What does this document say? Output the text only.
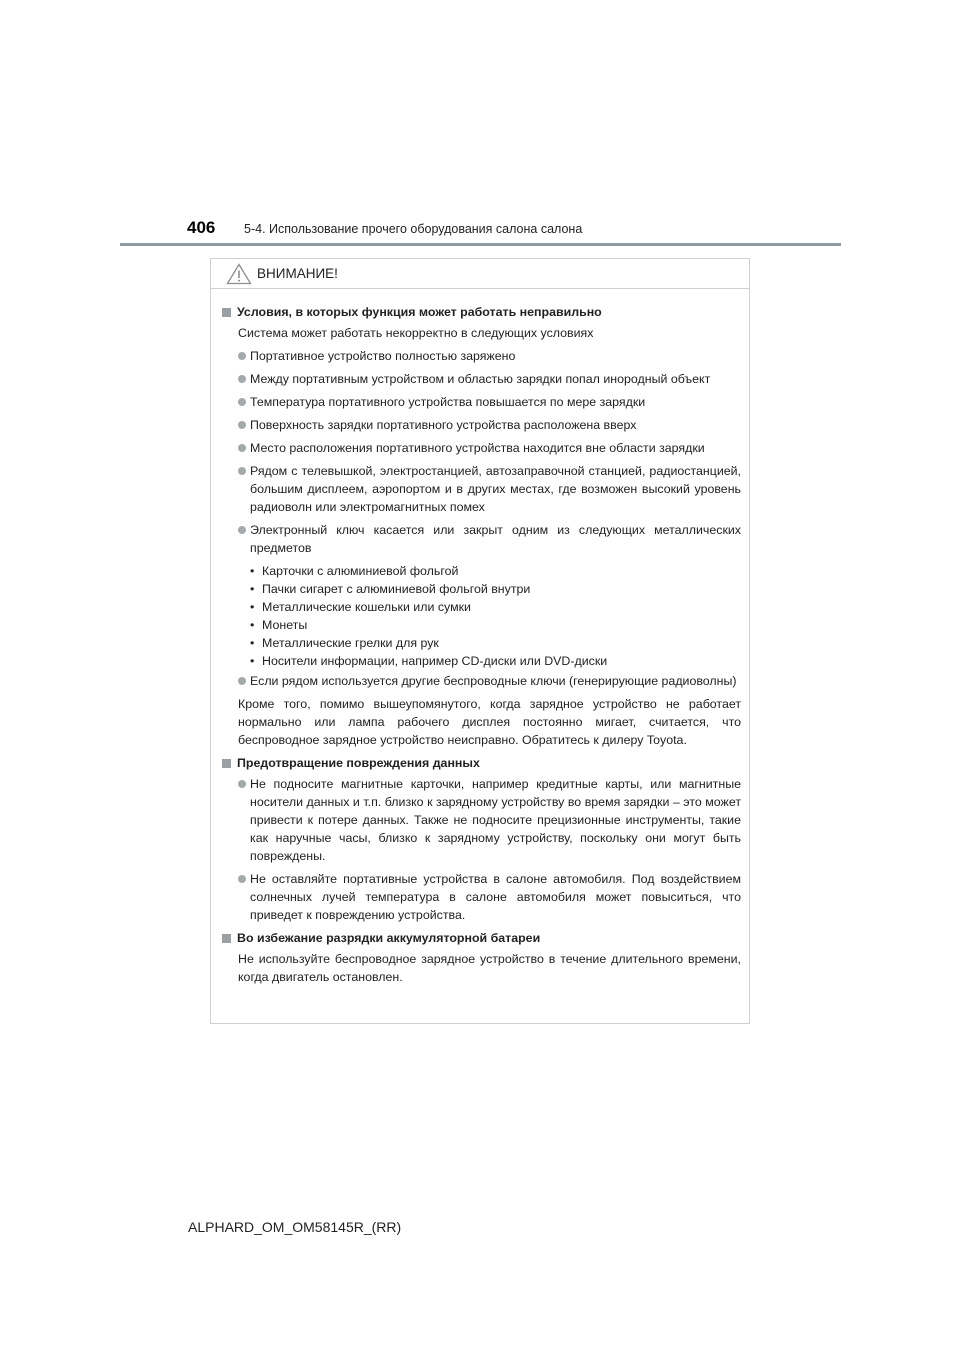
406 5-4. Использование прочего оборудования салона салона
ВНИМАНИЕ!
Условия, в которых функция может работать неправильно
Система может работать некорректно в следующих условиях
Портативное устройство полностью заряжено
Между портативным устройством и областью зарядки попал инородный объект
Температура портативного устройства повышается по мере зарядки
Поверхность зарядки портативного устройства расположена вверх
Место расположения портативного устройства находится вне области зарядки
Рядом с телевышкой, электростанцией, автозаправочной станцией, радиостанцией, большим дисплеем, аэропортом и в других местах, где возможен высокий уровень радиоволн или электромагнитных помех
Электронный ключ касается или закрыт одним из следующих металлических предметов
• Карточки с алюминиевой фольгой
• Пачки сигарет с алюминиевой фольгой внутри
• Металлические кошельки или сумки
• Монеты
• Металлические грелки для рук
• Носители информации, например CD-диски или DVD-диски
Если рядом используется другие беспроводные ключи (генерирующие радиоволны)
Кроме того, помимо вышеупомянутого, когда зарядное устройство не работает нормально или лампа рабочего дисплея постоянно мигает, считается, что беспроводное зарядное устройство неисправно. Обратитесь к дилеру Toyota.
Предотвращение повреждения данных
Не подносите магнитные карточки, например кредитные карты, или магнитные носители данных и т.п. близко к зарядному устройству во время зарядки – это может привести к потере данных. Также не подносите прецизионные инструменты, такие как наручные часы, близко к зарядному устройству, поскольку они могут быть повреждены.
Не оставляйте портативные устройства в салоне автомобиля. Под воздействием солнечных лучей температура в салоне автомобиля может повыситься, что приведет к повреждению устройства.
Во избежание разрядки аккумуляторной батареи
Не используйте беспроводное зарядное устройство в течение длительного времени, когда двигатель остановлен.
ALPHARD_OM_OM58145R_(RR)
